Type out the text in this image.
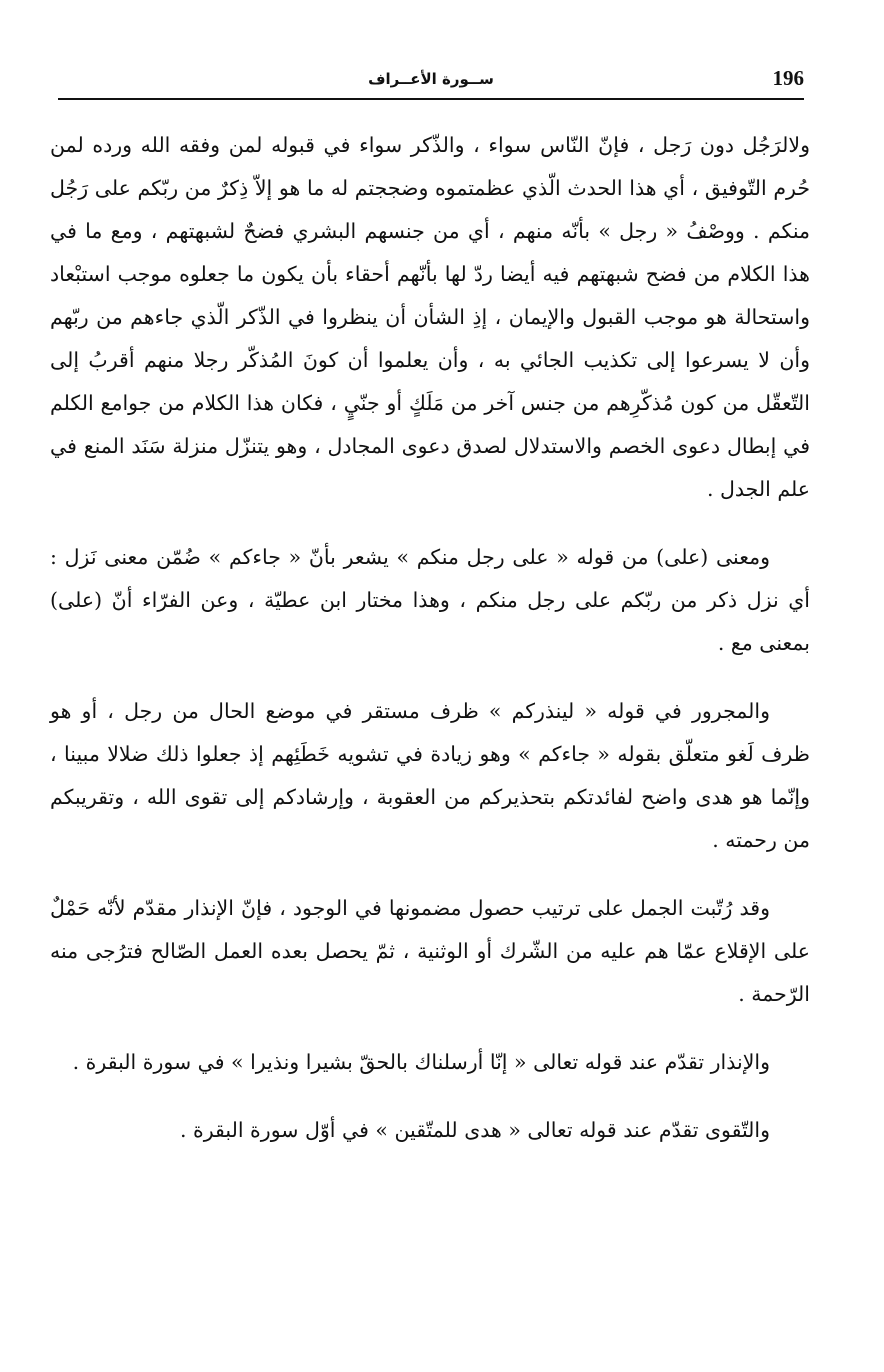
196
ســورة الأعــراف

ولالرَجُل دون رَجل ، فإنّ النّاس سواء ، والذّكر سواء في قبوله لمن وفقه الله ورده لمن حُرم التّوفيق ، أي هذا الحدث الّذي عظمتموه وضججتم له ما هو إلاّ ذِكرٌ من ربّكم على رَجُل منكم . ووصْفُ « رجل » بأنّه منهم ، أي من جنسهم البشري فضحٌ لشبهتهم ، ومع ما في هذا الكلام من فضح شبهتهم فيه أيضا ردّ لها بأنّهم أحقاء بأن يكون ما جعلوه موجب استبْعاد واستحالة هو موجب القبول والإيمان ، إذِ الشأن أن ينظروا في الذّكر الّذي جاءهم من ربّهم وأن لا يسرعوا إلى تكذيب الجائي به ، وأن يعلموا أن كونَ المُذكّر رجلا منهم أقربُ إلى التّعقّل من كون مُذكّرِهم من جنس آخر من مَلَكٍ أو جنّيٍ ، فكان هذا الكلام من جوامع الكلم في إبطال دعوى الخصم والاستدلال لصدق دعوى المجادل ، وهو يتنزّل منزلة سَنَد المنع في علم الجدل .

ومعنى (على) من قوله « على رجل منكم » يشعر بأنّ « جاءكم » ضُمّن معنى نَزل : أي نزل ذكر من ربّكم على رجل منكم ، وهذا مختار ابن عطيّة ، وعن الفرّاء أنّ (على) بمعنى مع .

والمجرور في قوله « لينذركم » ظرف مستقر في موضع الحال من رجل ، أو هو ظرف لَغو متعلّق بقوله « جاءكم » وهو زيادة في تشويه خَطَئِهم إذ جعلوا ذلك ضلالا مبينا ، وإنّما هو هدى واضح لفائدتكم بتحذيركم من العقوبة ، وإرشادكم إلى تقوى الله ، وتقريبكم من رحمته .

وقد رُتّبت الجمل على ترتيب حصول مضمونها في الوجود ، فإنّ الإنذار مقدّم لأنّه حَمْلٌ على الإقلاع عمّا هم عليه من الشّرك أو الوثنية ، ثمّ يحصل بعده العمل الصّالح فترُجى منه الرّحمة .

والإنذار تقدّم عند قوله تعالى « إنّا أرسلناك بالحقّ بشيرا ونذيرا » في سورة البقرة .

والتّقوى تقدّم عند قوله تعالى « هدى للمتّقين » في أوّل سورة البقرة .
